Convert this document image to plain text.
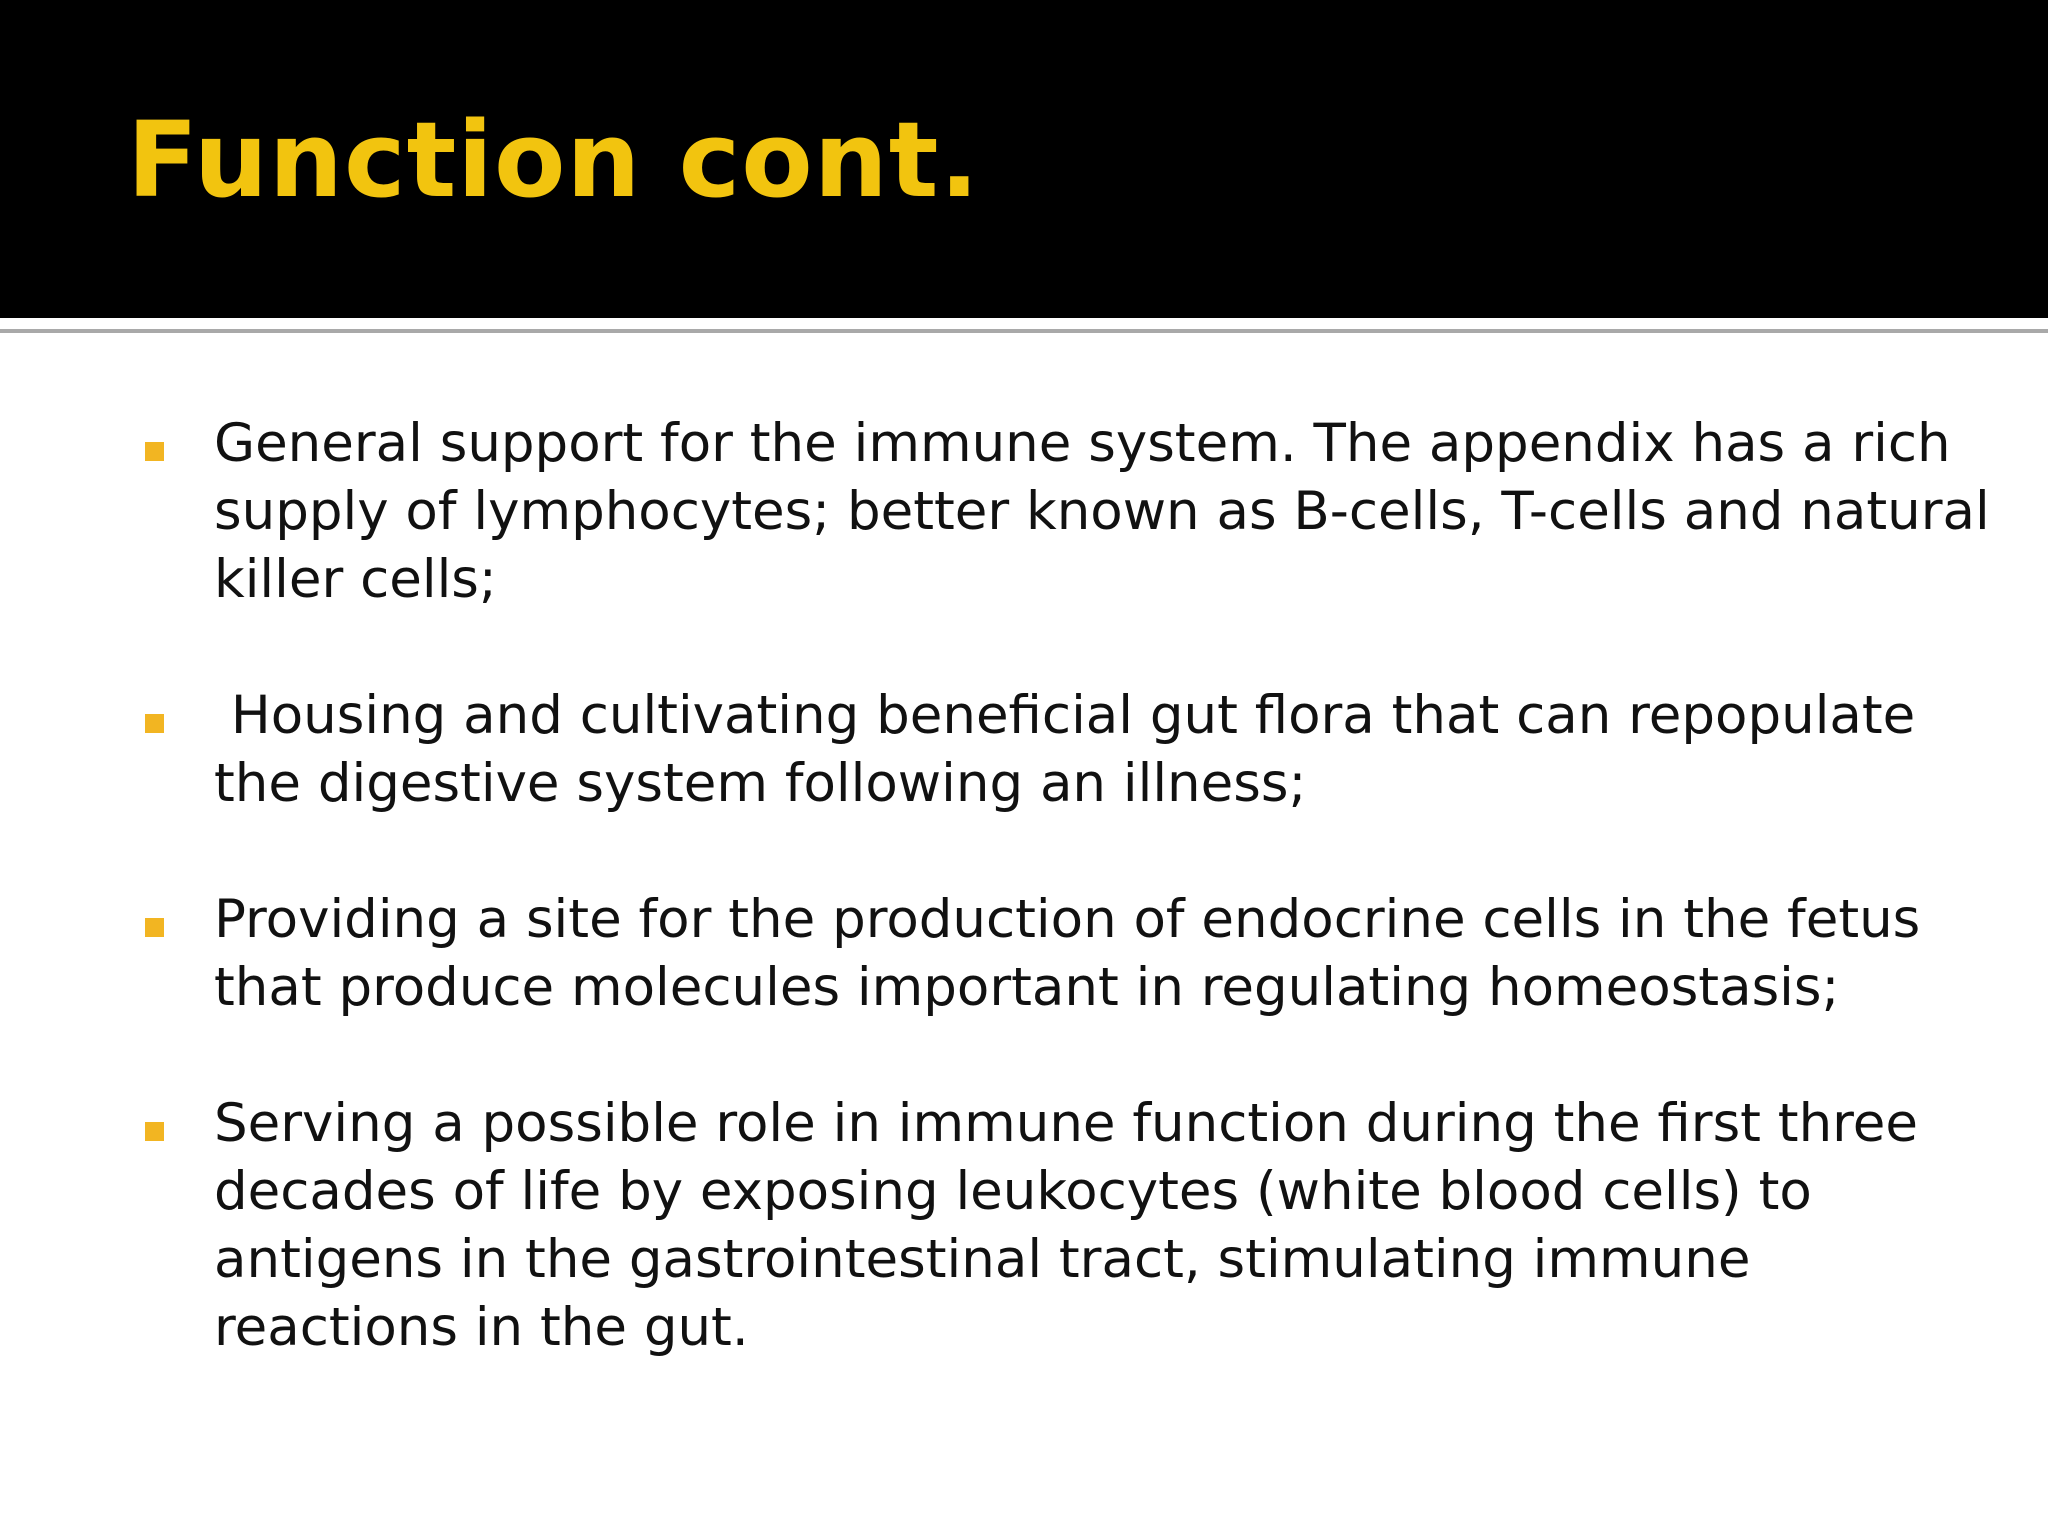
Function cont.
General support for the immune system. The appendix has a rich supply of lymphocytes; better known as B-cells, T-cells and natural killer cells;
Housing and cultivating beneficial gut flora that can repopulate the digestive system following an illness;
Providing a site for the production of endocrine cells in the fetus that produce molecules important in regulating homeostasis;
Serving a possible role in immune function during the first three decades of life by exposing leukocytes (white blood cells) to antigens in the gastrointestinal tract, stimulating immune reactions in the gut.
